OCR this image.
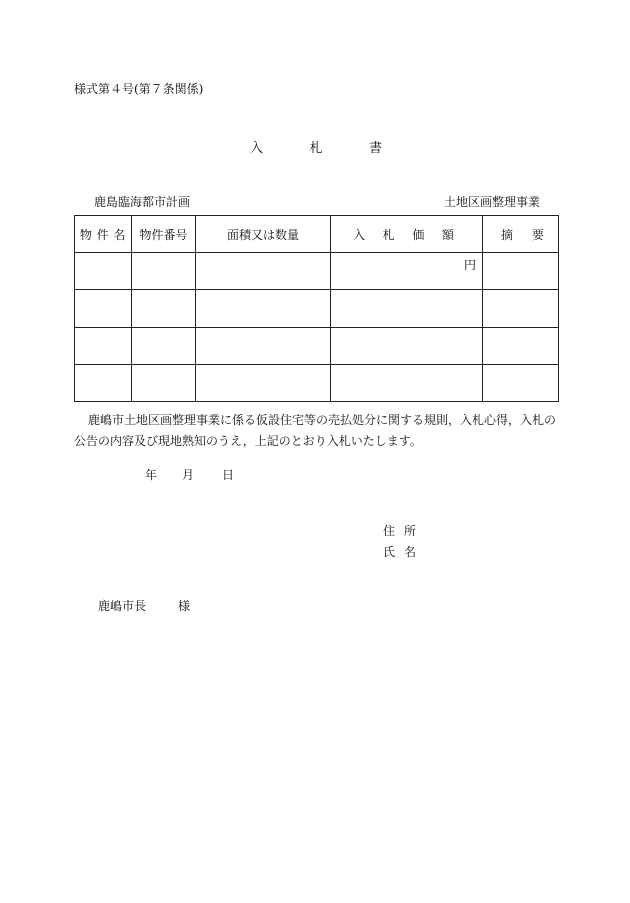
様式第４号(第７条関係)
入	札	書
鹿島臨海都市計画	土地区画整理事業
物 件 名	物件番号	面積又は数量	入 札 価 額	摘 要

			円	

鹿嶋市土地区画整理事業に係る仮設住宅等の売払処分に関する規則，入札心得，入札の公告の内容及び現地熟知のうえ，上記のとおり入札いたします。
年 月 日
住所
氏名
鹿嶋市長	様
